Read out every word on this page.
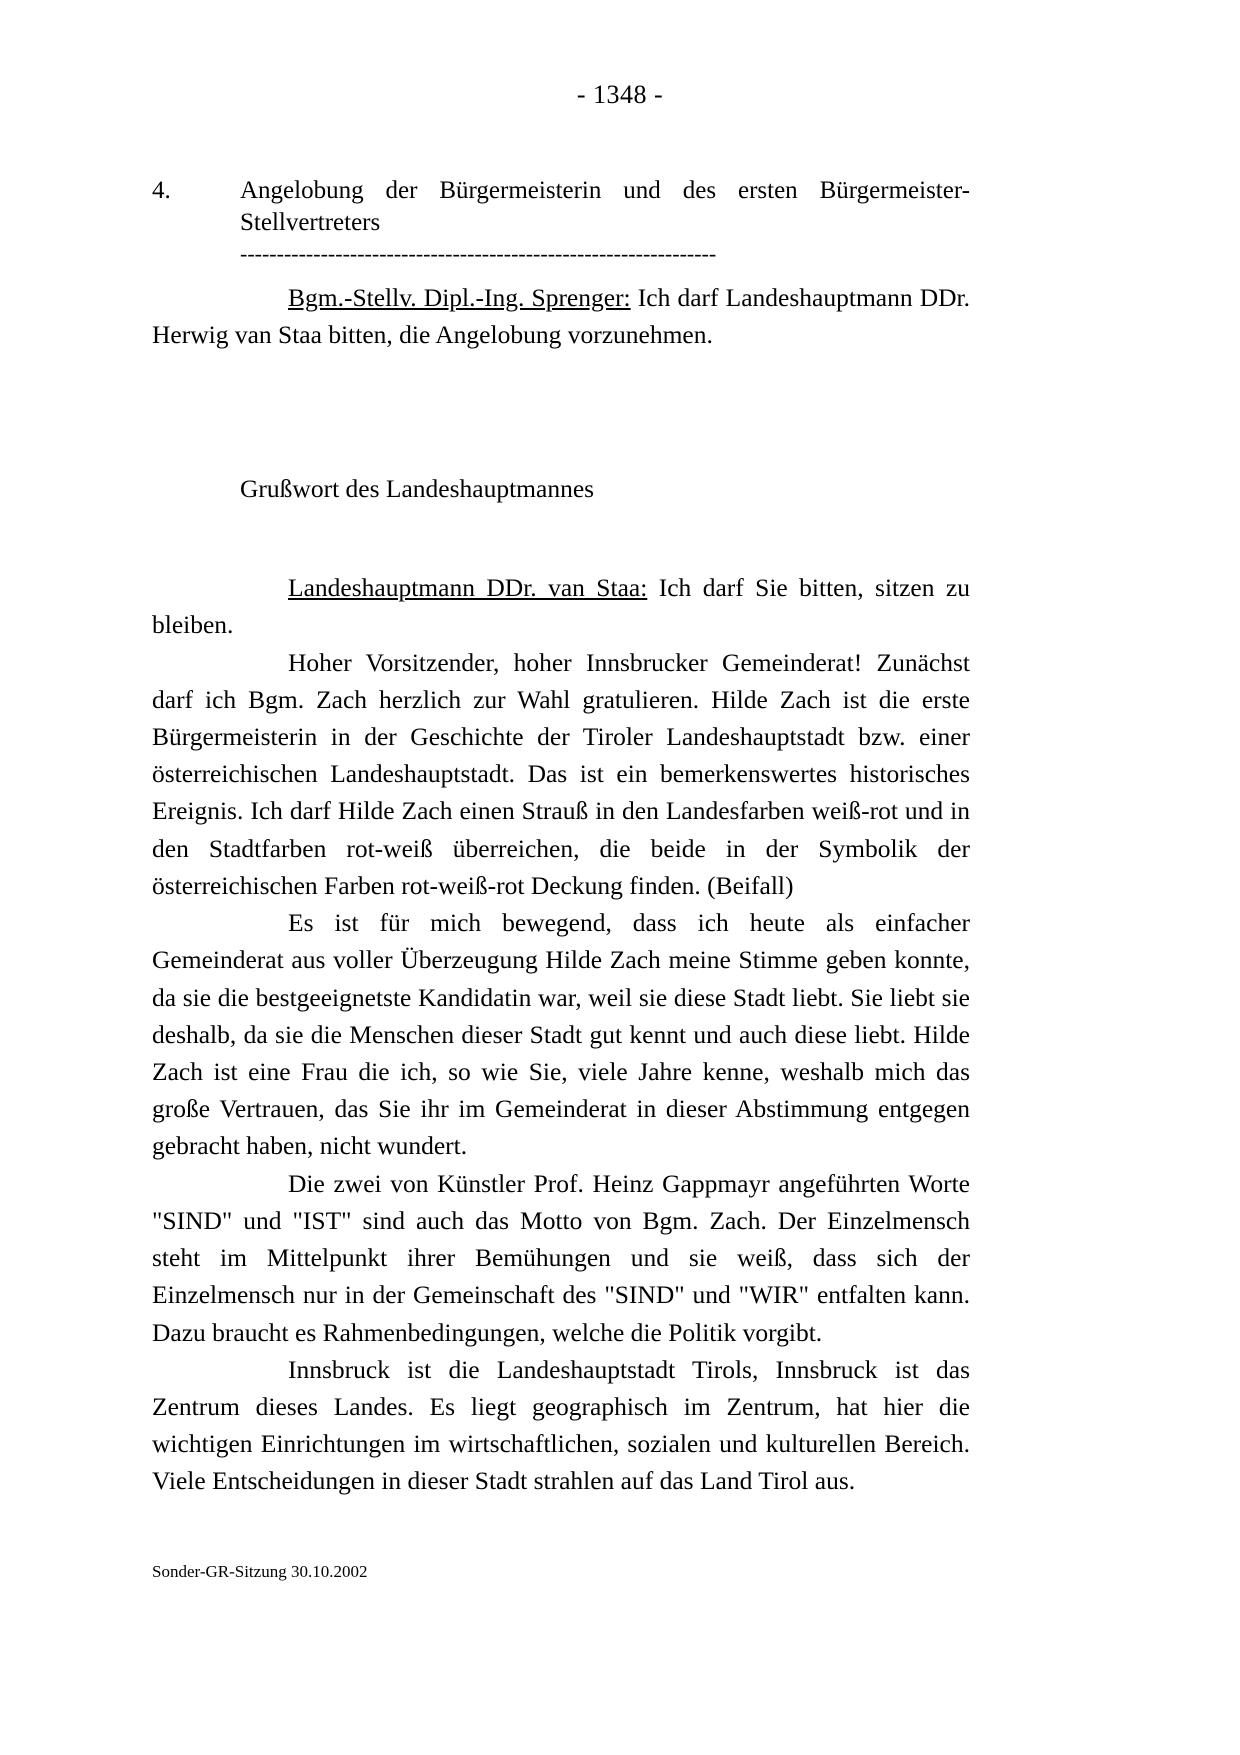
- 1348 -
4.	Angelobung der Bürgermeisterin und des ersten Bürgermeister-Stellvertreters
-----------------------------------------------------------------

Bgm.-Stellv. Dipl.-Ing. Sprenger: Ich darf Landeshauptmann DDr. Herwig van Staa bitten, die Angelobung vorzunehmen.

Grußwort des Landeshauptmannes

Landeshauptmann DDr. van Staa: Ich darf Sie bitten, sitzen zu bleiben.

Hoher Vorsitzender, hoher Innsbrucker Gemeinderat! Zunächst darf ich Bgm. Zach herzlich zur Wahl gratulieren. Hilde Zach ist die erste Bürgermeisterin in der Geschichte der Tiroler Landeshauptstadt bzw. einer österreichischen Landeshauptstadt. Das ist ein bemerkenswertes historisches Ereignis. Ich darf Hilde Zach einen Strauß in den Landesfarben weiß-rot und in den Stadtfarben rot-weiß überreichen, die beide in der Symbolik der österreichischen Farben rot-weiß-rot Deckung finden. (Beifall)

Es ist für mich bewegend, dass ich heute als einfacher Gemeinderat aus voller Überzeugung Hilde Zach meine Stimme geben konnte, da sie die bestgeeignetste Kandidatin war, weil sie diese Stadt liebt. Sie liebt sie deshalb, da sie die Menschen dieser Stadt gut kennt und auch diese liebt. Hilde Zach ist eine Frau die ich, so wie Sie, viele Jahre kenne, weshalb mich das große Vertrauen, das Sie ihr im Gemeinderat in dieser Abstimmung entgegen gebracht haben, nicht wundert.

Die zwei von Künstler Prof. Heinz Gappmayr angeführten Worte "SIND" und "IST" sind auch das Motto von Bgm. Zach. Der Einzelmensch steht im Mittelpunkt ihrer Bemühungen und sie weiß, dass sich der Einzelmensch nur in der Gemeinschaft des "SIND" und "WIR" entfalten kann. Dazu braucht es Rahmenbedingungen, welche die Politik vorgibt.

Innsbruck ist die Landeshauptstadt Tirols, Innsbruck ist das Zentrum dieses Landes. Es liegt geographisch im Zentrum, hat hier die wichtigen Einrichtungen im wirtschaftlichen, sozialen und kulturellen Bereich. Viele Entscheidungen in dieser Stadt strahlen auf das Land Tirol aus.

Sonder-GR-Sitzung 30.10.2002
